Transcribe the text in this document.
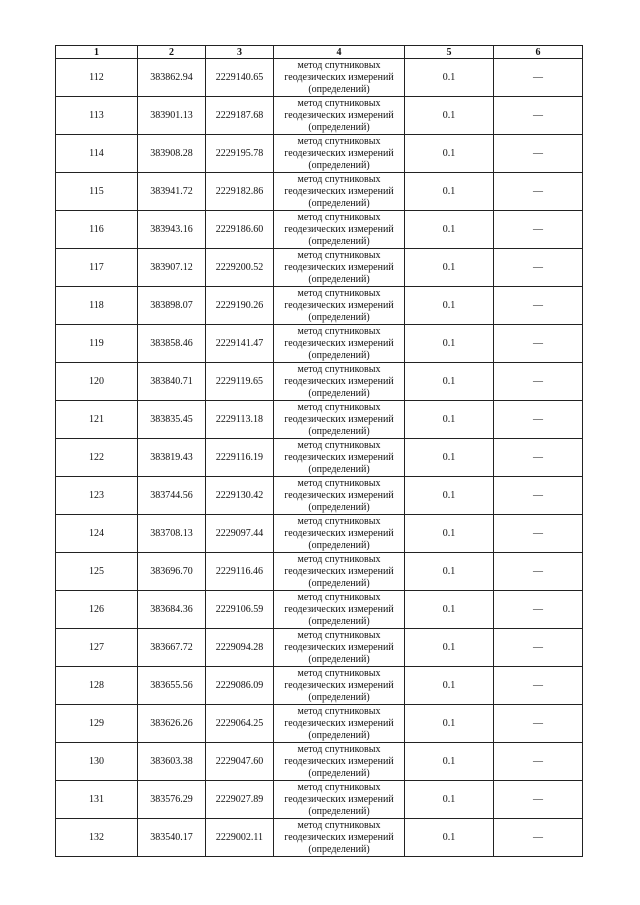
1	2	3	4	5	6
112	383862.94	2229140.65	метод спутниковых
геодезических измерений
(определений)	0.1	—
113	383901.13	2229187.68	метод спутниковых
геодезических измерений
(определений)	0.1	—
114	383908.28	2229195.78	метод спутниковых
геодезических измерений
(определений)	0.1	—
115	383941.72	2229182.86	метод спутниковых
геодезических измерений
(определений)	0.1	—
116	383943.16	2229186.60	метод спутниковых
геодезических измерений
(определений)	0.1	—
117	383907.12	2229200.52	метод спутниковых
геодезических измерений
(определений)	0.1	—
118	383898.07	2229190.26	метод спутниковых
геодезических измерений
(определений)	0.1	—
119	383858.46	2229141.47	метод спутниковых
геодезических измерений
(определений)	0.1	—
120	383840.71	2229119.65	метод спутниковых
геодезических измерений
(определений)	0.1	—
121	383835.45	2229113.18	метод спутниковых
геодезических измерений
(определений)	0.1	—
122	383819.43	2229116.19	метод спутниковых
геодезических измерений
(определений)	0.1	—
123	383744.56	2229130.42	метод спутниковых
геодезических измерений
(определений)	0.1	—
124	383708.13	2229097.44	метод спутниковых
геодезических измерений
(определений)	0.1	—
125	383696.70	2229116.46	метод спутниковых
геодезических измерений
(определений)	0.1	—
126	383684.36	2229106.59	метод спутниковых
геодезических измерений
(определений)	0.1	—
127	383667.72	2229094.28	метод спутниковых
геодезических измерений
(определений)	0.1	—
128	383655.56	2229086.09	метод спутниковых
геодезических измерений
(определений)	0.1	—
129	383626.26	2229064.25	метод спутниковых
геодезических измерений
(определений)	0.1	—
130	383603.38	2229047.60	метод спутниковых
геодезических измерений
(определений)	0.1	—
131	383576.29	2229027.89	метод спутниковых
геодезических измерений
(определений)	0.1	—
132	383540.17	2229002.11	метод спутниковых
геодезических измерений
(определений)	0.1	—
